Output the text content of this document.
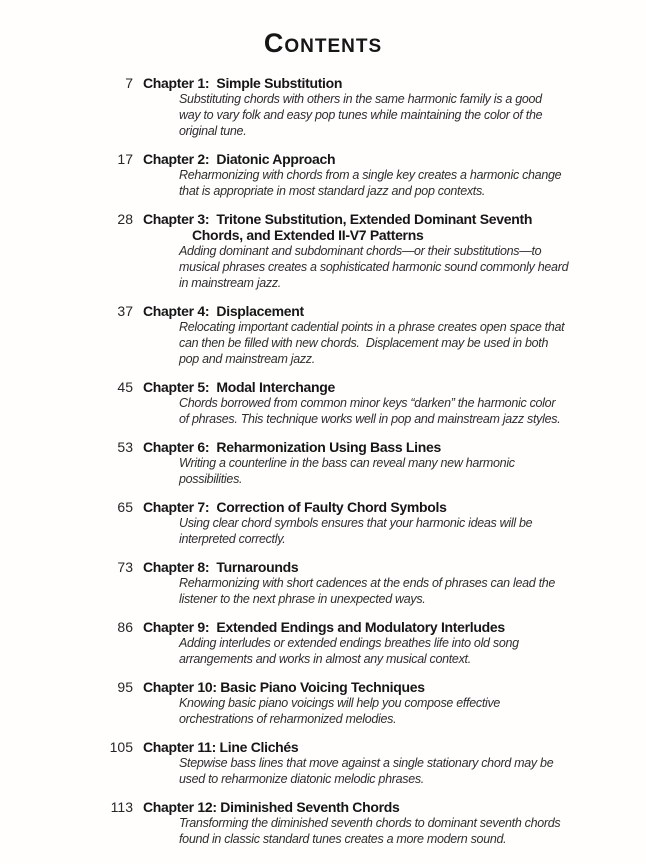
Contents
7 Chapter 1:  Simple Substitution
Substituting chords with others in the same harmonic family is a good
way to vary folk and easy pop tunes while maintaining the color of the
original tune.
17 Chapter 2:  Diatonic Approach
Reharmonizing with chords from a single key creates a harmonic change
that is appropriate in most standard jazz and pop contexts.
28 Chapter 3:  Tritone Substitution, Extended Dominant Seventh
Chords, and Extended II-V7 Patterns
Adding dominant and subdominant chords—or their substitutions—to
musical phrases creates a sophisticated harmonic sound commonly heard
in mainstream jazz.
37 Chapter 4:  Displacement
Relocating important cadential points in a phrase creates open space that
can then be filled with new chords.  Displacement may be used in both
pop and mainstream jazz.
45 Chapter 5:  Modal Interchange
Chords borrowed from common minor keys “darken” the harmonic color
of phrases. This technique works well in pop and mainstream jazz styles.
53 Chapter 6:  Reharmonization Using Bass Lines
Writing a counterline in the bass can reveal many new harmonic
possibilities.
65 Chapter 7:  Correction of Faulty Chord Symbols
Using clear chord symbols ensures that your harmonic ideas will be
interpreted correctly.
73 Chapter 8:  Turnarounds
Reharmonizing with short cadences at the ends of phrases can lead the
listener to the next phrase in unexpected ways.
86 Chapter 9:  Extended Endings and Modulatory Interludes
Adding interludes or extended endings breathes life into old song
arrangements and works in almost any musical context.
95 Chapter 10: Basic Piano Voicing Techniques
Knowing basic piano voicings will help you compose effective
orchestrations of reharmonized melodies.
105 Chapter 11: Line Clichés
Stepwise bass lines that move against a single stationary chord may be
used to reharmonize diatonic melodic phrases.
113 Chapter 12: Diminished Seventh Chords
Transforming the diminished seventh chords to dominant seventh chords
found in classic standard tunes creates a more modern sound.
